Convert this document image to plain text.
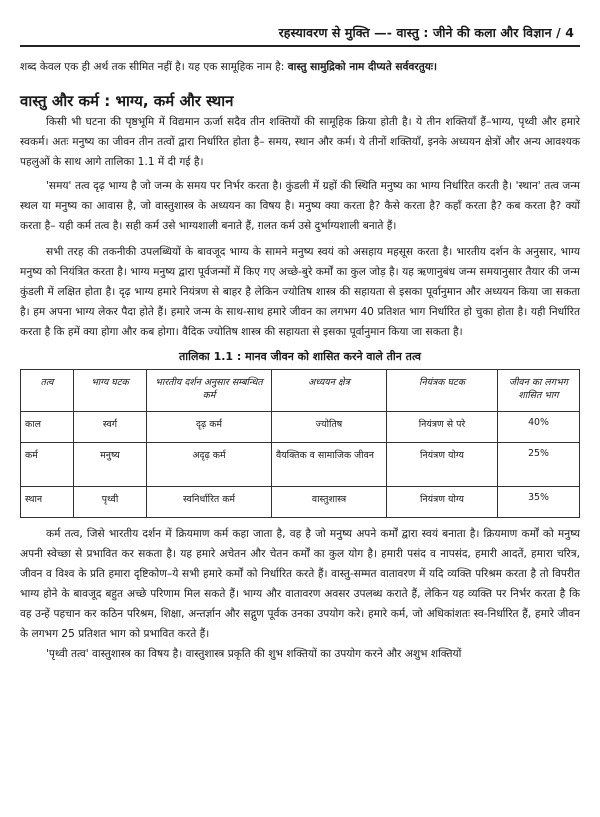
रहस्यावरण से मुक्ति —- वास्तु : जीने की कला और विज्ञान / 4

शब्द केवल एक ही अर्थ तक सीमित नहीं है। यह एक सामूहिक नाम है: वास्तु सामुद्रिको नाम दीप्यते सर्ववरतुयः।

वास्तु और कर्म : भाग्य, कर्म और स्थान

किसी भी घटना की पृष्ठभूमि में विद्यमान ऊर्जा सदैव तीन शक्तियों की सामूहिक क्रिया होती है। ये तीन शक्तियाँ हैं–भाग्य, पृथ्वी और हमारे स्वकर्म। अतः मनुष्य का जीवन तीन तत्वों द्वारा निर्धारित होता है– समय, स्थान और कर्म। ये तीनों शक्तियाँ, इनके अध्ययन क्षेत्रों और अन्य आवश्यक पहलुओं के साथ आगे तालिका 1.1 में दी गई है।

'समय' तत्व दृढ़ भाग्य है जो जन्म के समय पर निर्भर करता है। कुंडली में ग्रहों की स्थिति मनुष्य का भाग्य निर्धारित करती है। 'स्थान' तत्व जन्म स्थल या मनुष्य का आवास है, जो वास्तुशास्त्र के अध्ययन का विषय है। मनुष्य क्या करता है? कैसे करता है? कहाँ करता है? कब करता है? क्यों करता है– यही कर्म तत्व है। सही कर्म उसे भाग्यशाली बनाते हैं, ग़लत कर्म उसे दुर्भाग्यशाली बनाते हैं।

सभी तरह की तकनीकी उपलब्धियों के बावजूद भाग्य के सामने मनुष्य स्वयं को असहाय महसूस करता है। भारतीय दर्शन के अनुसार, भाग्य मनुष्य को नियंत्रित करता है। भाग्य मनुष्य द्वारा पूर्वजन्मों में किए गए अच्छे-बुरे कर्मों का कुल जोड़ है। यह ऋणानुबंध जन्म समयानुसार तैयार की जन्म कुंडली में लक्षित होता है। दृढ़ भाग्य हमारे नियंत्रण से बाहर है लेकिन ज्योतिष शास्त्र की सहायता से इसका पूर्वानुमान और अध्ययन किया जा सकता है। हम अपना भाग्य लेकर पैदा होते हैं। हमारे जन्म के साथ-साथ हमारे जीवन का लगभग 40 प्रतिशत भाग निर्धारित हो चुका होता है। यही निर्धारित करता है कि हमें क्या होगा और कब होगा। वैदिक ज्योतिष शास्त्र की सहायता से इसका पूर्वानुमान किया जा सकता है।

तालिका 1.1 : मानव जीवन को शासित करने वाले तीन तत्व
तत्व	भाग्य घटक	भारतीय दर्शन अनुसार सम्बन्धित कर्म	अध्ययन क्षेत्र	नियंत्रक घटक	जीवन का लगभग शासित भाग
काल	स्वर्ग	दृढ़ कर्म	ज्योतिष	नियंत्रण से परे	40%
कर्म	मनुष्य	अदृढ़ कर्म	वैयक्तिक व सामाजिक जीवन	नियंत्रण योग्य	25%
स्थान	पृथ्वी	स्वनिर्धारित कर्म	वास्तुशास्त्र	नियंत्रण योग्य	35%

कर्म तत्व, जिसे भारतीय दर्शन में क्रियमाण कर्म कहा जाता है, वह है जो मनुष्य अपने कर्मों द्वारा स्वयं बनाता है। क्रियमाण कर्मों को मनुष्य अपनी स्वेच्छा से प्रभावित कर सकता है। यह हमारे अचेतन और चेतन कर्मों का कुल योग है। हमारी पसंद व नापसंद, हमारी आदतें, हमारा चरित्र, जीवन व विश्व के प्रति हमारा दृष्टिकोण–ये सभी हमारे कर्मों को निर्धारित करते हैं। वास्तु-सम्मत वातावरण में यदि व्यक्ति परिश्रम करता है तो विपरीत भाग्य होने के बावजूद बहुत अच्छे परिणाम मिल सकते हैं। भाग्य और वातावरण अवसर उपलब्ध कराते हैं, लेकिन यह व्यक्ति पर निर्भर करता है कि वह उन्हें पहचान कर कठिन परिश्रम, शिक्षा, अन्तर्ज्ञान और सद्गुण पूर्वक उनका उपयोग करे। हमारे कर्म, जो अधिकांशतः स्व-निर्धारित हैं, हमारे जीवन के लगभग 25 प्रतिशत भाग को प्रभावित करते हैं।

'पृथ्वी तत्व' वास्तुशास्त्र का विषय है। वास्तुशास्त्र प्रकृति की शुभ शक्तियों का उपयोग करने और अशुभ शक्तियों
